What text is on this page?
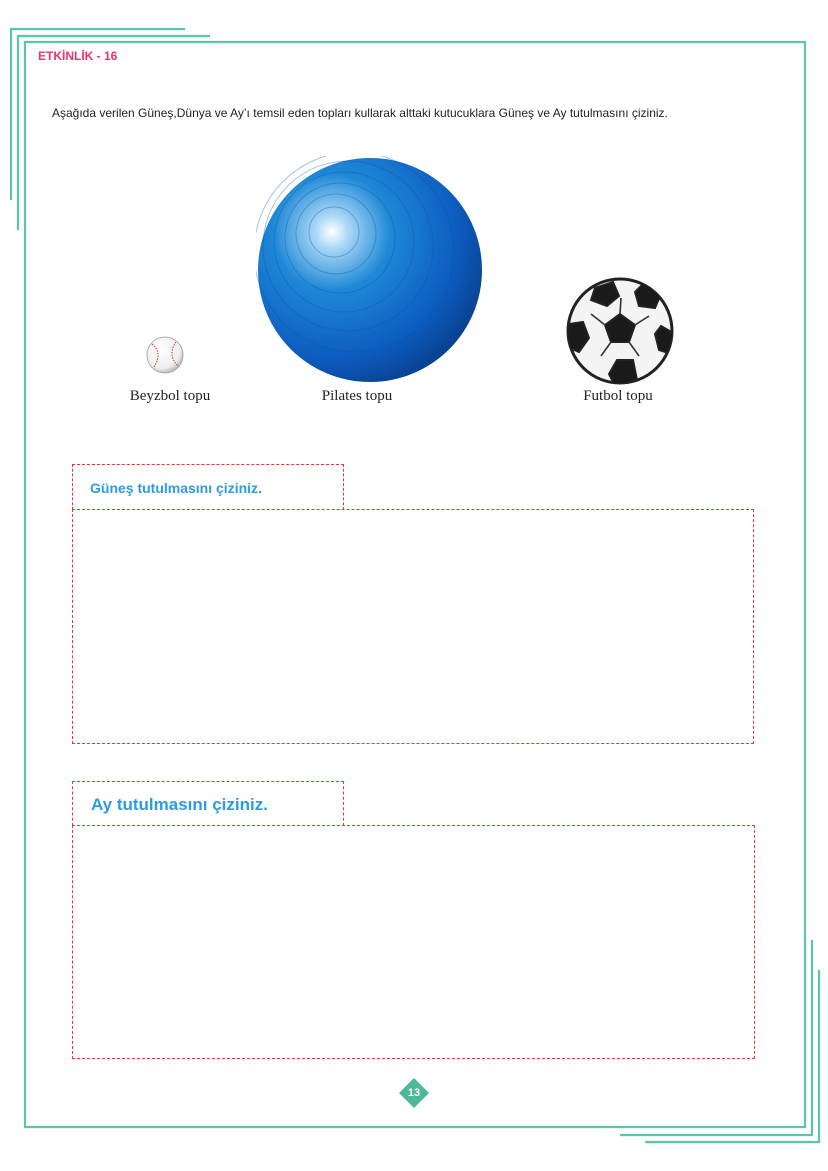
ETKİNLİK - 16
Aşağıda verilen Güneş,Dünya ve Ay’ı temsil eden topları kullarak alttaki kutucuklara Güneş ve Ay tutulmasını çiziniz.
Beyzbol topu	Pilates topu	Futbol topu
Güneş tutulmasını çiziniz.
Ay tutulmasını çiziniz.
13
